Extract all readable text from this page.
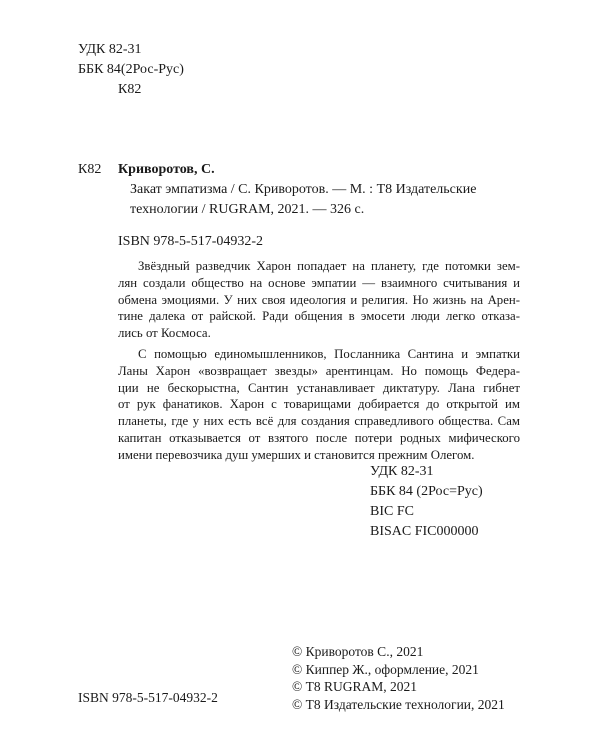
УДК 82-31
ББК 84(2Рос-Рус)
К82
К82 Криворотов, С.
Закат эмпатизма / С. Криворотов. — М. : Т8 Издательские
технологии / RUGRAM, 2021. — 326 с.
ISBN 978-5-517-04932-2
Звёздный разведчик Харон попадает на планету, где потомки зем-
лян создали общество на основе эмпатии — взаимного считывания и
обмена эмоциями. У них своя идеология и религия. Но жизнь на Арен-
тине далека от райской. Ради общения в эмосети люди легко отказа-
лись от Космоса.
С помощью единомышленников, Посланника Сантина и эмпатки
Ланы Харон «возвращает звезды» арентинцам. Но помощь Федера-
ции не бескорыстна, Сантин устанавливает диктатуру. Лана гибнет
от рук фанатиков. Харон с товарищами добирается до открытой им
планеты, где у них есть всё для создания справедливого общества. Сам
капитан отказывается от взятого после потери родных мифического
имени перевозчика душ умерших и становится прежним Олегом.
УДК 82-31
ББК 84 (2Рос=Рус)
BIC FC
BISAC FIC000000
© Криворотов С., 2021
© Киппер Ж., оформление, 2021
© Т8 RUGRAM, 2021
© Т8 Издательские технологии, 2021
ISBN 978-5-517-04932-2
